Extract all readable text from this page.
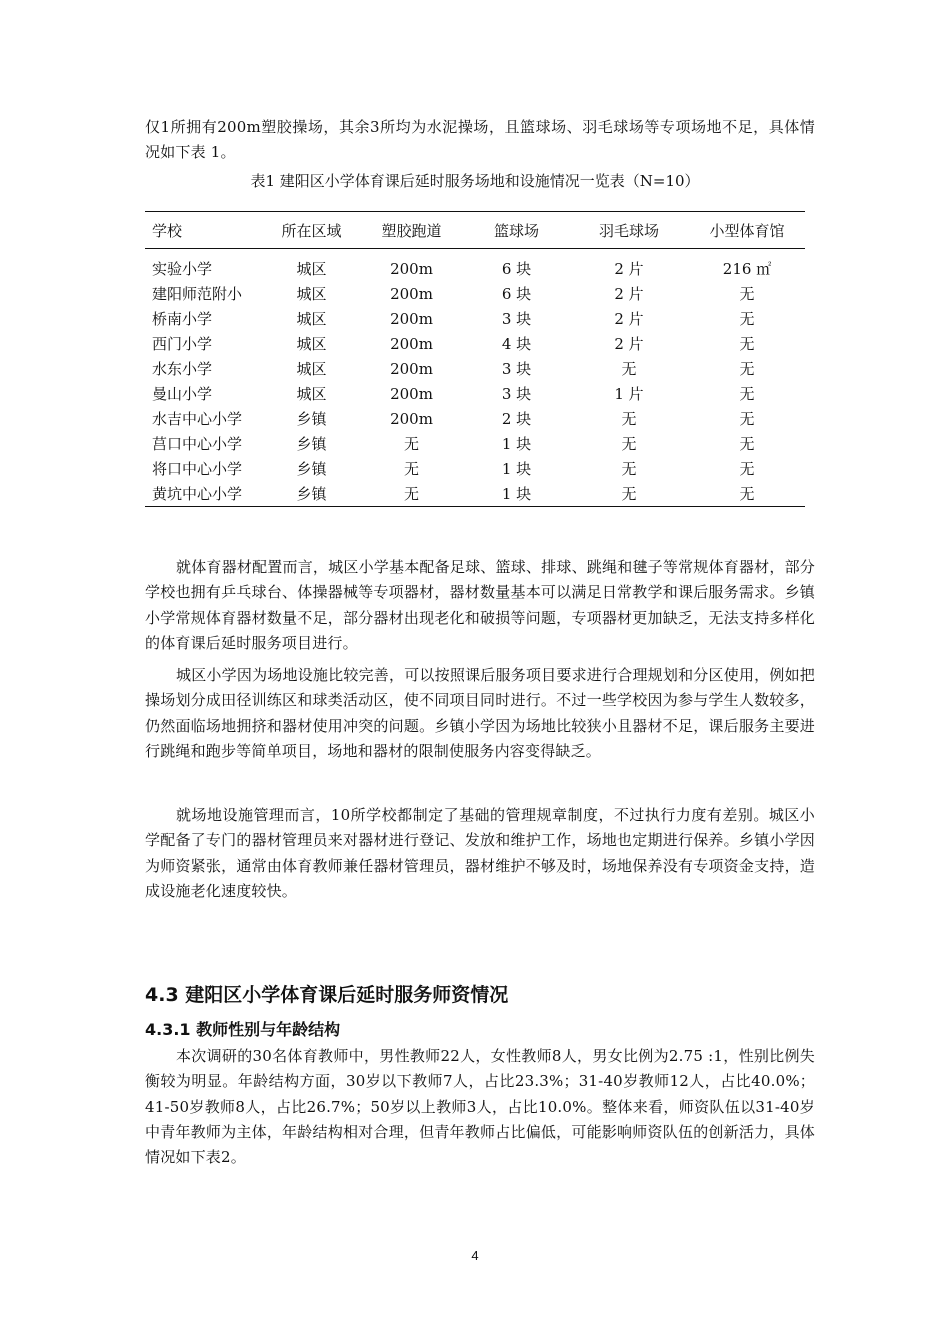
仅1所拥有200m塑胶操场，其余3所均为水泥操场，且篮球场、羽毛球场等专项场地不足，具体情况如下表 1。

表1 建阳区小学体育课后延时服务场地和设施情况一览表（N=10）

学校	所在区域	塑胶跑道	篮球场	羽毛球场	小型体育馆
实验小学	城区	200m	6 块	2 片	216 ㎡
建阳师范附小	城区	200m	6 块	2 片	无
桥南小学	城区	200m	3 块	2 片	无
西门小学	城区	200m	4 块	2 片	无
水东小学	城区	200m	3 块	无	无
曼山小学	城区	200m	3 块	1 片	无
水吉中心小学	乡镇	200m	2 块	无	无
莒口中心小学	乡镇	无	1 块	无	无
将口中心小学	乡镇	无	1 块	无	无
黄坑中心小学	乡镇	无	1 块	无	无

就体育器材配置而言，城区小学基本配备足球、篮球、排球、跳绳和毽子等常规体育器材，部分学校也拥有乒乓球台、体操器械等专项器材，器材数量基本可以满足日常教学和课后服务需求。乡镇小学常规体育器材数量不足，部分器材出现老化和破损等问题，专项器材更加缺乏，无法支持多样化的体育课后延时服务项目进行。

城区小学因为场地设施比较完善，可以按照课后服务项目要求进行合理规划和分区使用，例如把操场划分成田径训练区和球类活动区，使不同项目同时进行。不过一些学校因为参与学生人数较多，仍然面临场地拥挤和器材使用冲突的问题。乡镇小学因为场地比较狭小且器材不足，课后服务主要进行跳绳和跑步等简单项目，场地和器材的限制使服务内容变得缺乏。

就场地设施管理而言，10所学校都制定了基础的管理规章制度，不过执行力度有差别。城区小学配备了专门的器材管理员来对器材进行登记、发放和维护工作，场地也定期进行保养。乡镇小学因为师资紧张，通常由体育教师兼任器材管理员，器材维护不够及时，场地保养没有专项资金支持，造成设施老化速度较快。

4.3 建阳区小学体育课后延时服务师资情况
4.3.1 教师性别与年龄结构

本次调研的30名体育教师中，男性教师22人，女性教师8人，男女比例为2.75 :1，性别比例失衡较为明显。年龄结构方面，30岁以下教师7人，占比23.3%；31-40岁教师12人，占比40.0%；41-50岁教师8人，占比26.7%；50岁以上教师3人，占比10.0%。整体来看，师资队伍以31-40岁中青年教师为主体，年龄结构相对合理，但青年教师占比偏低，可能影响师资队伍的创新活力，具体情况如下表2。

4
